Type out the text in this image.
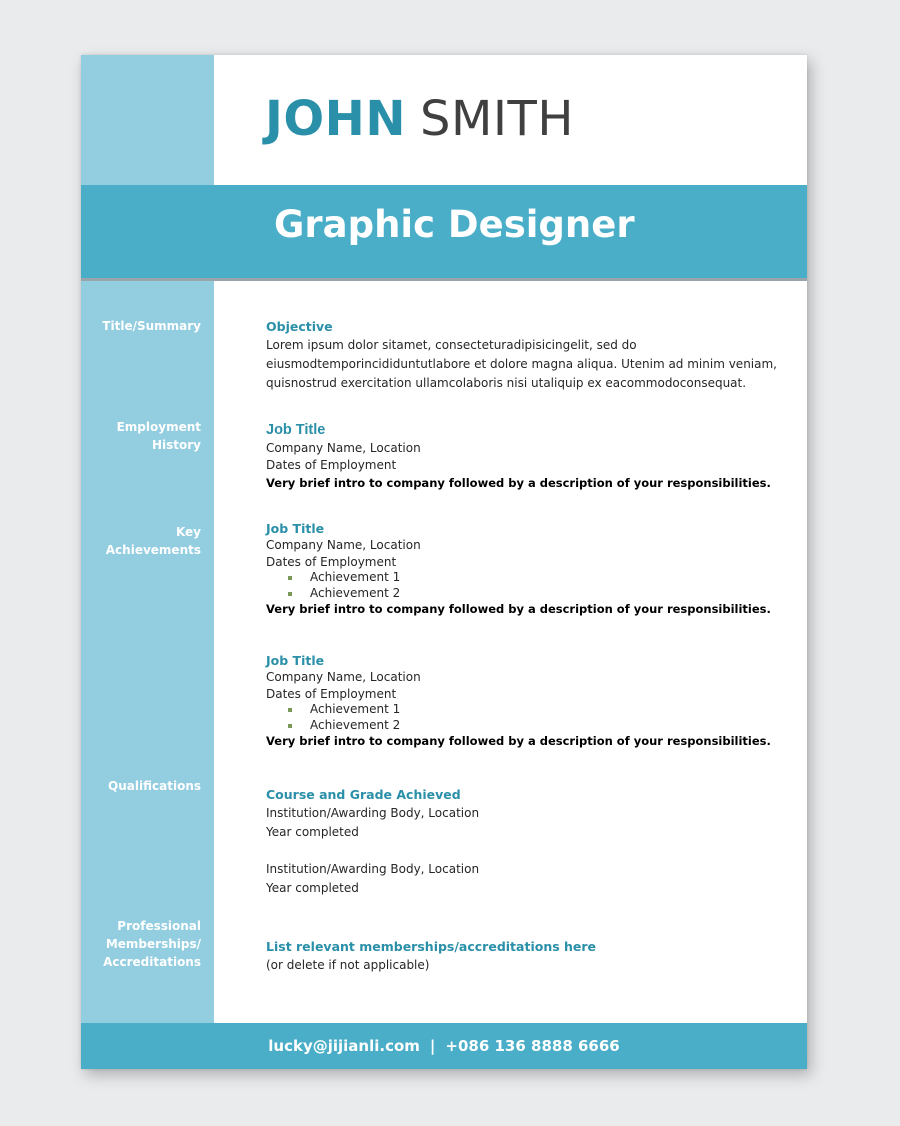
JOHN SMITH
Graphic Designer
Title/Summary
Employment
History
Key
Achievements
Qualifications
Professional
Memberships/
Accreditations
Objective
Lorem ipsum dolor sitamet, consecteturadipisicingelit, sed do
eiusmodtemporincididuntutlabore et dolore magna aliqua. Utenim ad minim veniam,
quisnostrud exercitation ullamcolaboris nisi utaliquip ex eacommodoconsequat.
Job Title
Company Name, Location
Dates of Employment
Very brief intro to company followed by a description of your responsibilities.
Job Title
Company Name, Location
Dates of Employment
Achievement 1
Achievement 2
Very brief intro to company followed by a description of your responsibilities.
Job Title
Company Name, Location
Dates of Employment
Achievement 1
Achievement 2
Very brief intro to company followed by a description of your responsibilities.
Course and Grade Achieved
Institution/Awarding Body, Location
Year completed
Institution/Awarding Body, Location
Year completed
List relevant memberships/accreditations here
(or delete if not applicable)
lucky@jijianli.com | +086 136 8888 6666
